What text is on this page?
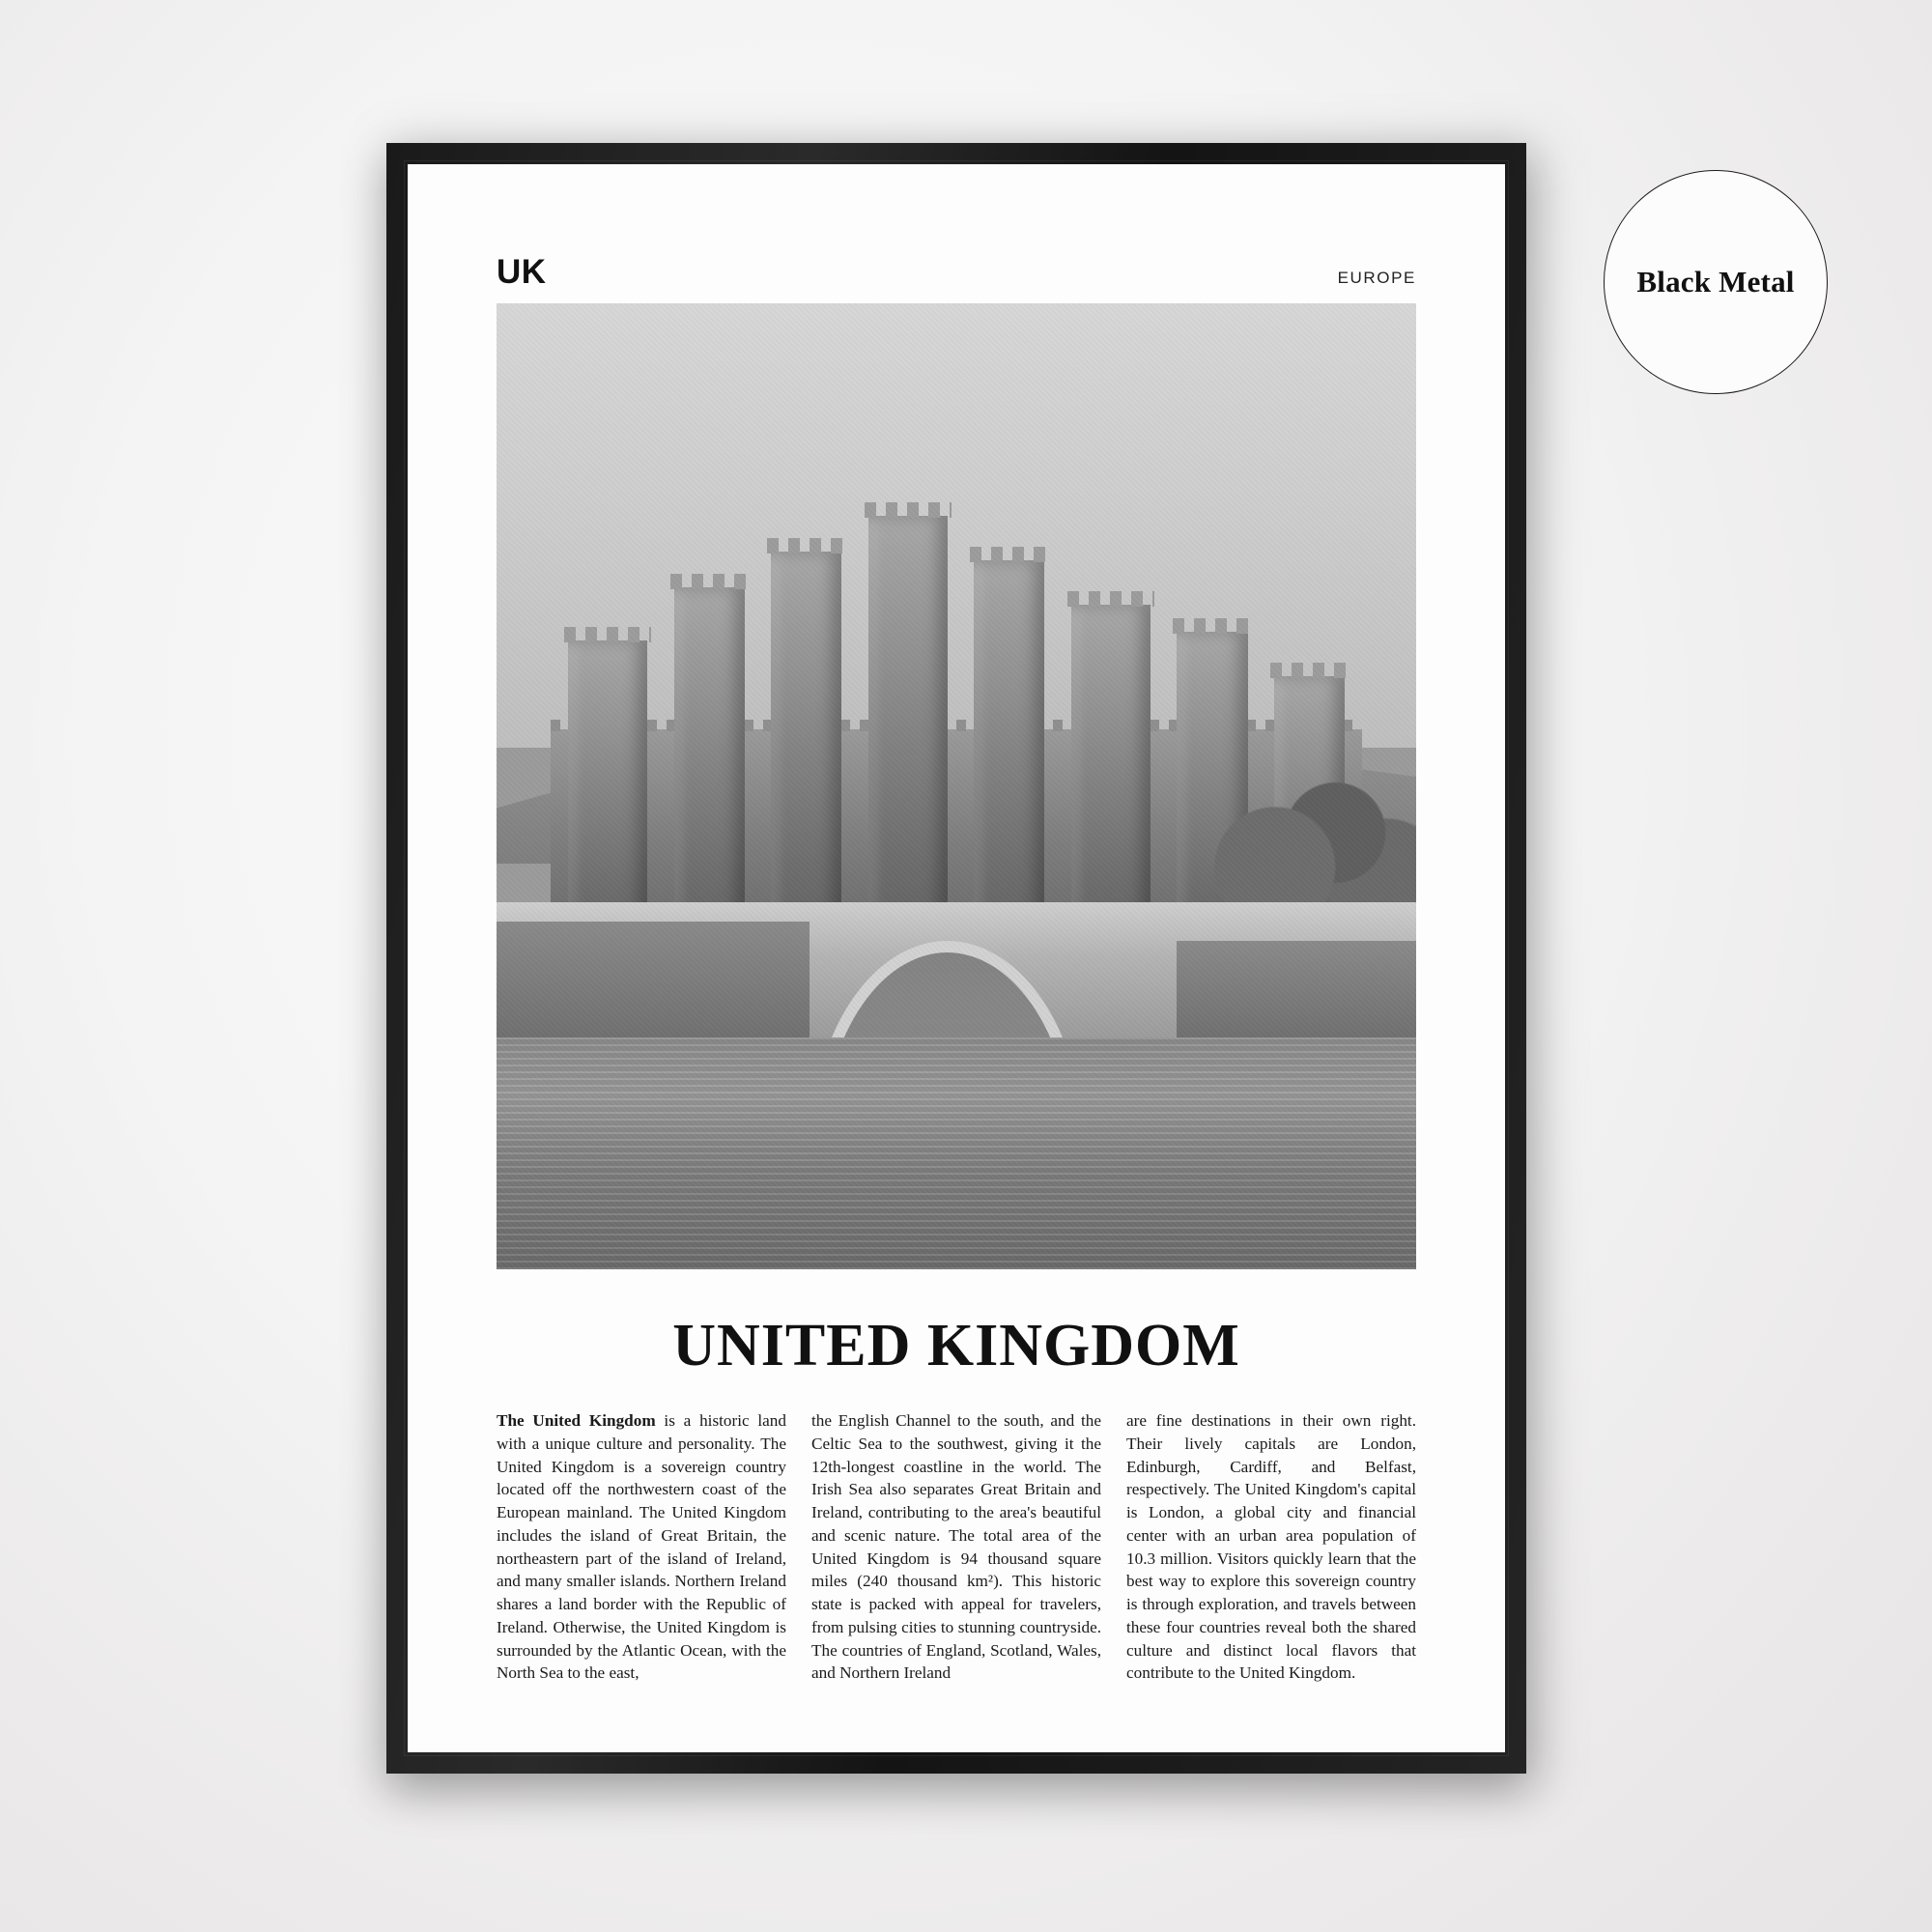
UK	EUROPE
UNITED KINGDOM

The United Kingdom is a historic land with a unique culture and personality. The United Kingdom is a sovereign country located off the northwestern coast of the European mainland. The United Kingdom includes the island of Great Britain, the northeastern part of the island of Ireland, and many smaller islands. Northern Ireland shares a land border with the Republic of Ireland. Otherwise, the United Kingdom is surrounded by the Atlantic Ocean, with the North Sea to the east,

the English Channel to the south, and the Celtic Sea to the southwest, giving it the 12th-longest coastline in the world. The Irish Sea also separates Great Britain and Ireland, contributing to the area's beautiful and scenic nature. The total area of the United Kingdom is 94 thousand square miles (240 thousand km²). This historic state is packed with appeal for travelers, from pulsing cities to stunning countryside. The countries of England, Scotland, Wales, and Northern Ireland

are fine destinations in their own right. Their lively capitals are London, Edinburgh, Cardiff, and Belfast, respectively. The United Kingdom's capital is London, a global city and financial center with an urban area population of 10.3 million. Visitors quickly learn that the best way to explore this sovereign country is through exploration, and travels between these four countries reveal both the shared culture and distinct local flavors that contribute to the United Kingdom.

Black Metal
